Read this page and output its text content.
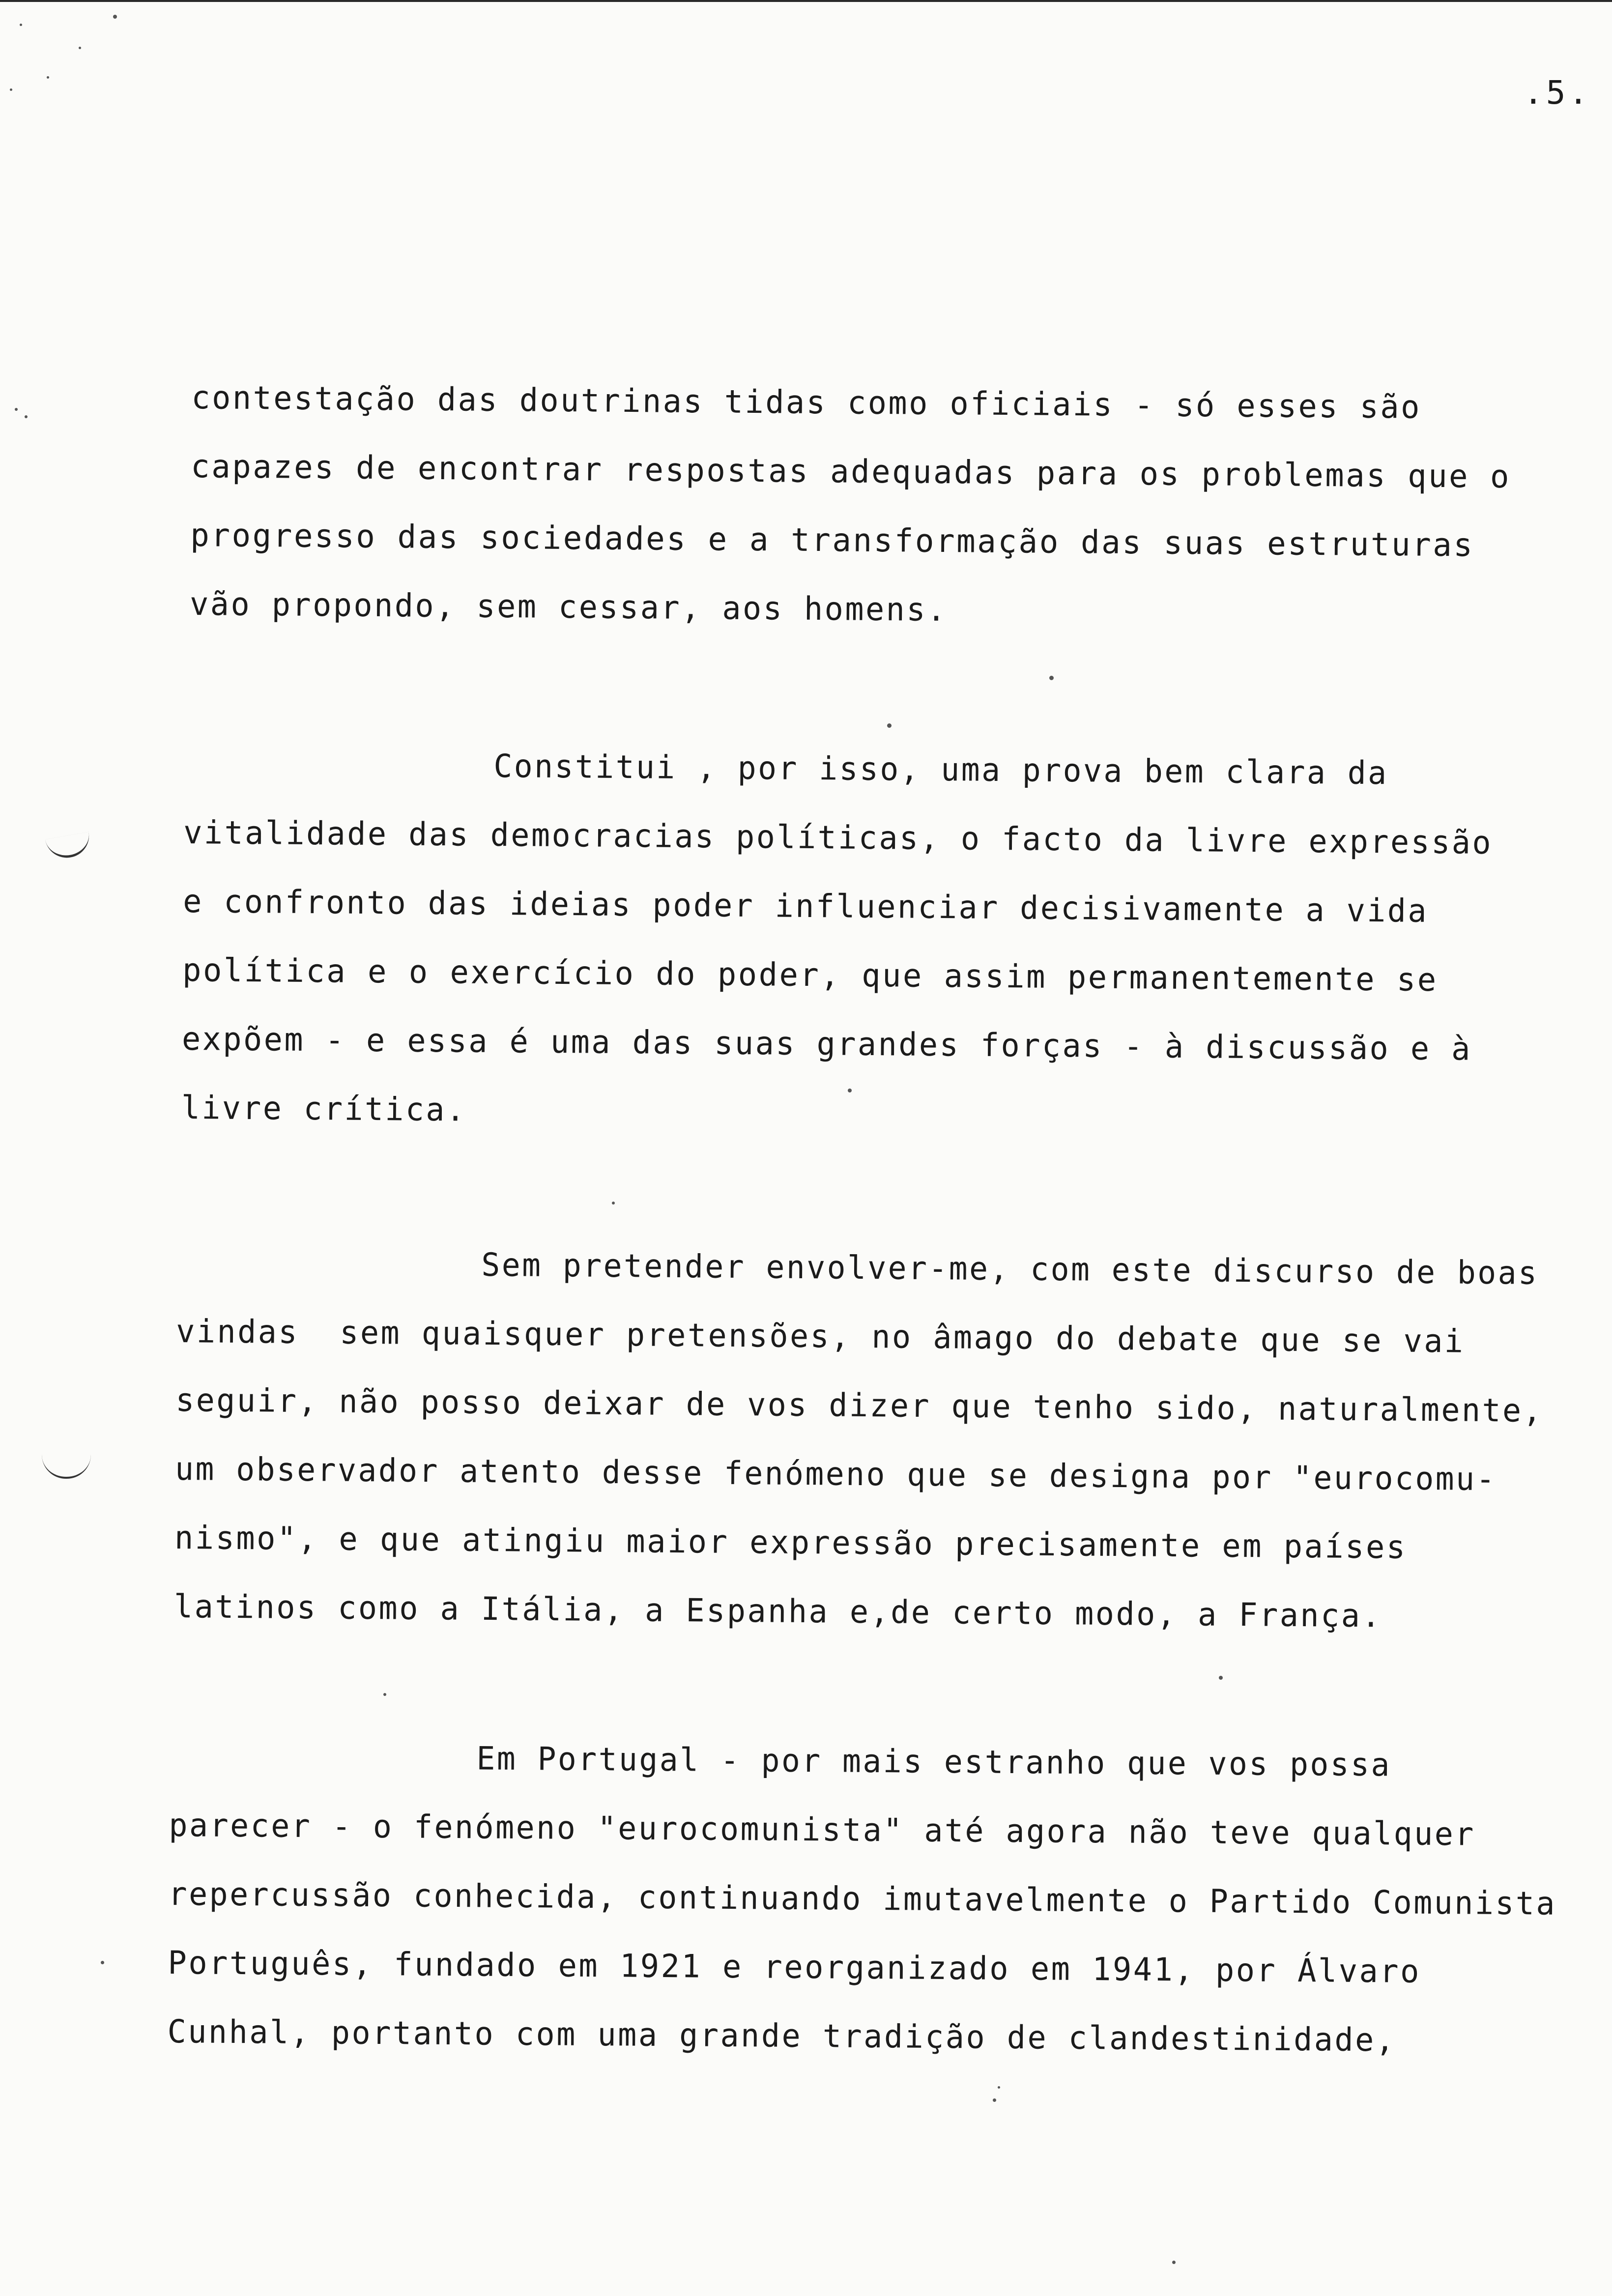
.5.
contestação das doutrinas tidas como oficiais - só esses são
capazes de encontrar respostas adequadas para os problemas que o
progresso das sociedades e a transformação das suas estruturas
vão propondo, sem cessar, aos homens.
Constitui , por isso, uma prova bem clara da
vitalidade das democracias políticas, o facto da livre expressão
e confronto das ideias poder influenciar decisivamente a vida
política e o exercício do poder, que assim permanentemente se
expõem - e essa é uma das suas grandes forças - à discussão e à
livre crítica.
Sem pretender envolver-me, com este discurso de boas
vindas  sem quaisquer pretensões, no âmago do debate que se vai
seguir, não posso deixar de vos dizer que tenho sido, naturalmente,
um observador atento desse fenómeno que se designa por "eurocomu-
nismo", e que atingiu maior expressão precisamente em países
latinos como a Itália, a Espanha e,de certo modo, a França.
Em Portugal - por mais estranho que vos possa
parecer - o fenómeno "eurocomunista" até agora não teve qualquer
repercussão conhecida, continuando imutavelmente o Partido Comunista
Português, fundado em 1921 e reorganizado em 1941, por Álvaro
Cunhal, portanto com uma grande tradição de clandestinidade,
